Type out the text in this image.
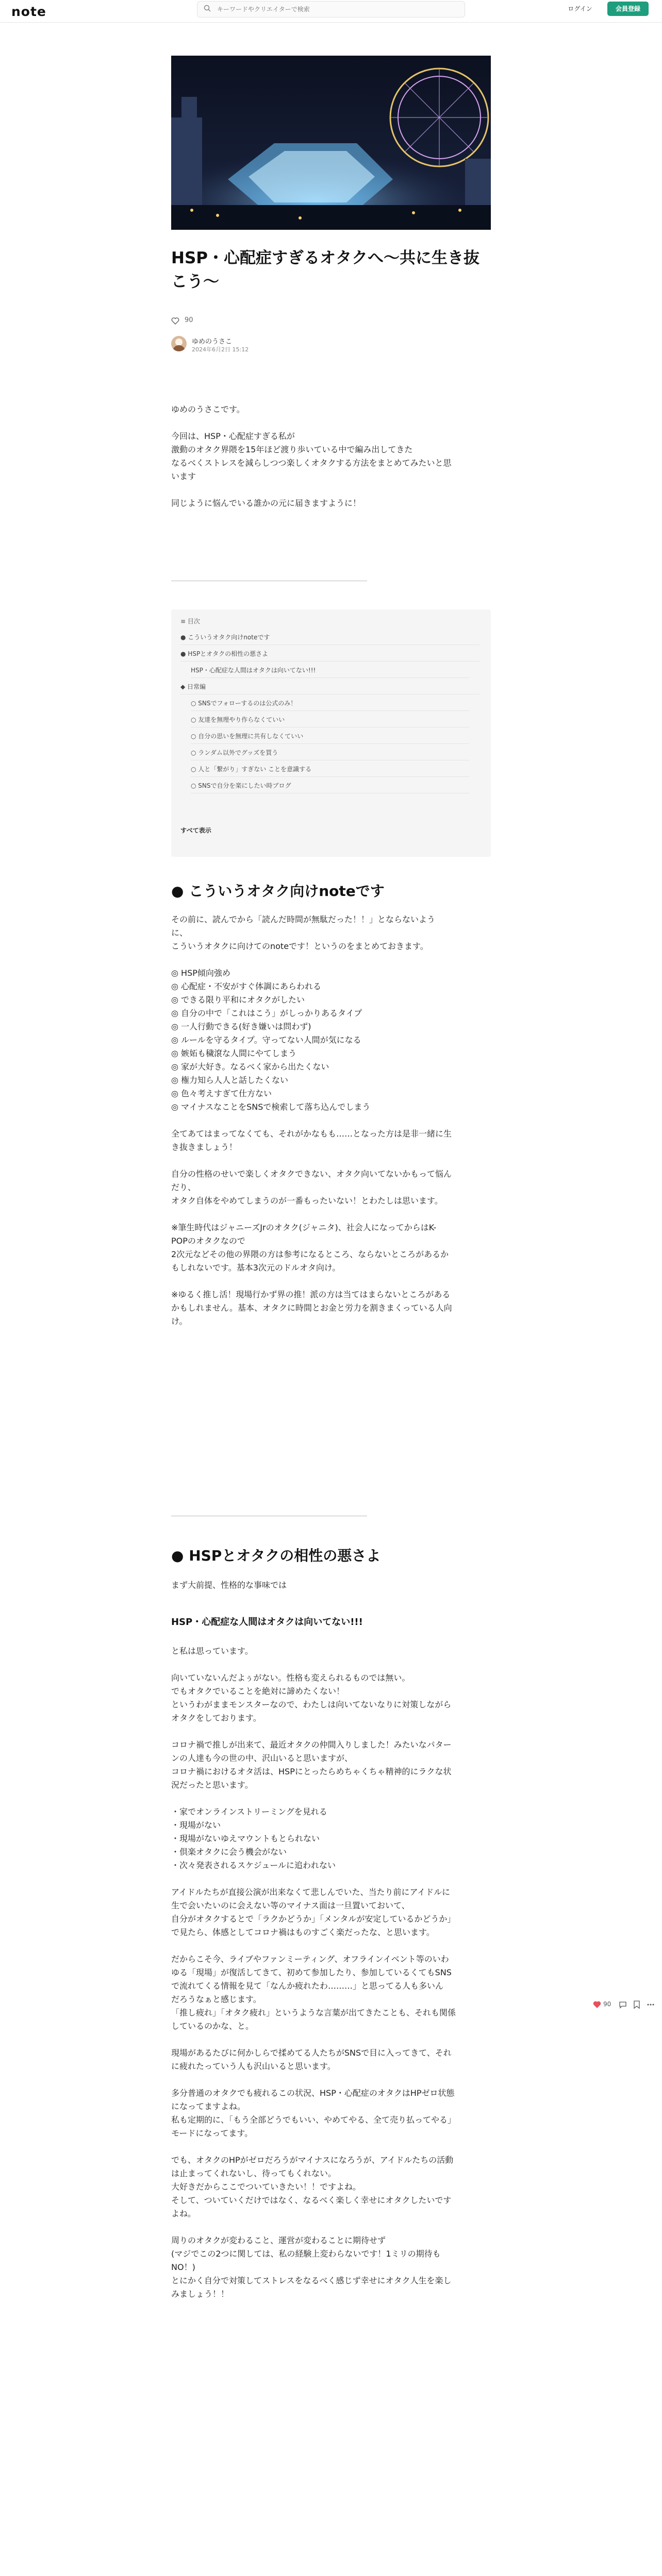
note
キーワードやクリエイターで検索	ログイン	会員登録
HSP・心配症すぎるオタクへ〜共に生き抜
こう〜
90
ゆめのうさこ
2024年6月2日 15:12
ゆめのうさこです。

今回は、HSP・心配症すぎる私が
激動のオタク界隈を15年ほど渡り歩いている中で編み出してきた
なるべくストレスを減らしつつ楽しくオタクする方法をまとめてみたいと思
います

同じように悩んでいる誰かの元に届きますように！
≡ 目次
● こういうオタク向けnoteです
● HSPとオタクの相性の悪さよ
HSP・心配症な人間はオタクは向いてない!!!
◆ 日常編
○ SNSでフォローするのは公式のみ！
○ 友達を無理やり作らなくていい
○ 自分の思いを無理に共有しなくていい
○ ランダム以外でグッズを買う
○ 人と「繋がり」すぎない ことを意識する
○ SNSで自分を楽にしたい時ブログ
すべて表示
● こういうオタク向けnoteです
その前に、読んでから「読んだ時間が無駄だった！！」とならないよう
に、
こういうオタクに向けてのnoteです！というのをまとめておきます。

◎ HSP傾向強め
◎ 心配症・不安がすぐ体調にあらわれる
◎ できる限り平和にオタクがしたい
◎ 自分の中で「これはこう」がしっかりあるタイプ
◎ 一人行動できる(好き嫌いは問わず)
◎ ルールを守るタイプ。守ってない人間が気になる
◎ 嫉妬も穢滾な人間にやてしまう
◎ 家が大好き。なるべく家から出たくない
◎ 権力知ら人人と話したくない
◎ 色々考えすぎて仕方ない
◎ マイナスなことをSNSで検索して落ち込んでしまう

全てあてはまってなくても、それがかなもも……となった方は是非一緒に生
き抜きましょう！

自分の性格のせいで楽しくオタクできない、オタク向いてないかもって悩ん
だり、
オタク自体をやめてしまうのが一番もったいない！とわたしは思います。

※筆生時代はジャニーズJrのオタク(ジャニタ)、社会人になってからはK-
POPのオタクなので
2次元などその他の界隈の方は参考になるところ、ならないところがあるか
もしれないです。基本3次元のドルオタ向け。

※ゆるく推し活！現場行かず界の推！派の方は当てはまらないところがある
かもしれません。基本、オタクに時間とお金と労力を割きまくっている人向
け。
● HSPとオタクの相性の悪さよ
まず大前提、性格的な事味では
HSP・心配症な人間はオタクは向いてない!!!
と私は思っています。

向いていないんだよぅがない。性格も変えられるものでは無い。
でもオタクでいることを絶対に諦めたくない！
というわがままモンスターなので、わたしは向いてないなりに対策しながら
オタクをしております。

コロナ禍で推しが出来て、最近オタクの仲間入りしました！みたいなパター
ンの人達も今の世の中、沢山いると思いますが、
コロナ禍におけるオタ活は、HSPにとったらめちゃくちゃ精神的にラクな状
況だったと思います。

・家でオンラインストリーミングを見れる
・現場がない
・現場がないゆえマウントもとられない
・倶楽オタクに会う機会がない
・次々発表されるスケジュールに追われない

アイドルたちが直接公演が出来なくて悲しんでいた、当たり前にアイドルに
生で会いたいのに会えない等のマイナス面は一旦置いておいて、
自分がオタクするとで「ラクかどうか」「メンタルが安定しているかどうか」
で見たら、体感としてコロナ禍はものすごく楽だったな、と思います。

だからこそ今、ライブやファンミーティング、オフラインイベント等のいわ
ゆる「現場」が復活してきて、初めて参加したり、参加しているくてもSNS
で流れてくる情報を見て「なんか疲れたわ………」と思ってる人も多いん
だろうなぁと感じます。
「推し疲れ」「オタク疲れ」というような言葉が出てきたことも、それも関係
しているのかな、と。

現場があるたびに何かしらで揉めてる人たちがSNSで目に入ってきて、それ
に疲れたっていう人も沢山いると思います。

多分普通のオタクでも疲れるこの状況、HSP・心配症のオタクはHPゼロ状態
になってますよね。
私も定期的に、「もう全部どうでもいい、やめてやる、全て売り払ってやる」
モードになってます。

でも、オタクのHPがゼロだろうがマイナスになろうが、アイドルたちの活動
は止まってくれないし、待ってもくれない。
大好きだからここでついていきたい！！ですよね。
そして、ついていくだけではなく、なるべく楽しく幸せにオタクしたいです
よね。

周りのオタクが変わること、運営が変わることに期待せず
(マジでこの2つに関しては、私の経験上変わらないです！1ミリの期待も
NO！)
とにかく自分で対策してストレスをなるべく感じず幸せにオタク人生を楽し
みましょう！！

90
